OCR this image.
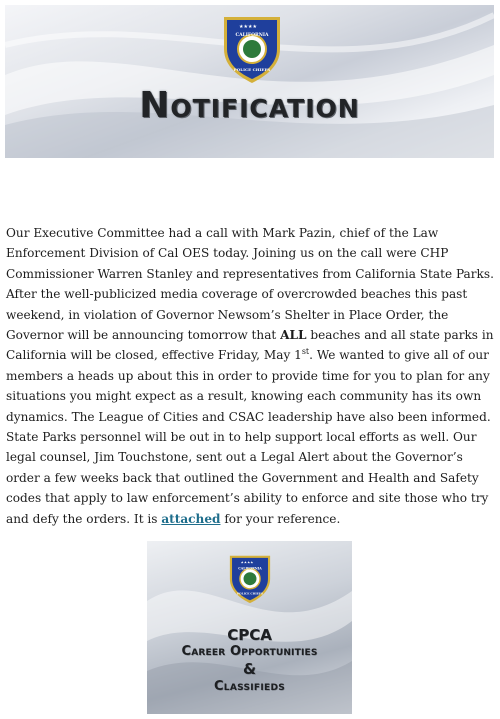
★★★★
CALIFORNIA
POLICE CHIEFS
Notification
Our Executive Committee had a call with Mark Pazin, chief of the Law Enforcement Division of Cal OES today. Joining us on the call were CHP Commissioner Warren Stanley and representatives from California State Parks. After the well-publicized media coverage of overcrowded beaches this past weekend, in violation of Governor Newsom’s Shelter in Place Order, the Governor will be announcing tomorrow that ALL beaches and all state parks in California will be closed, effective Friday, May 1st. We wanted to give all of our members a heads up about this in order to provide time for you to plan for any situations you might expect as a result, knowing each community has its own dynamics. The League of Cities and CSAC leadership have also been informed. State Parks personnel will be out in to help support local efforts as well. Our legal counsel, Jim Touchstone, sent out a Legal Alert about the Governor’s order a few weeks back that outlined the Government and Health and Safety codes that apply to law enforcement’s ability to enforce and site those who try and defy the orders. It is attached for your reference.
★★★★
CALIFORNIA
POLICE CHIEFS
CPCA
Career Opportunities
&
Classifieds
